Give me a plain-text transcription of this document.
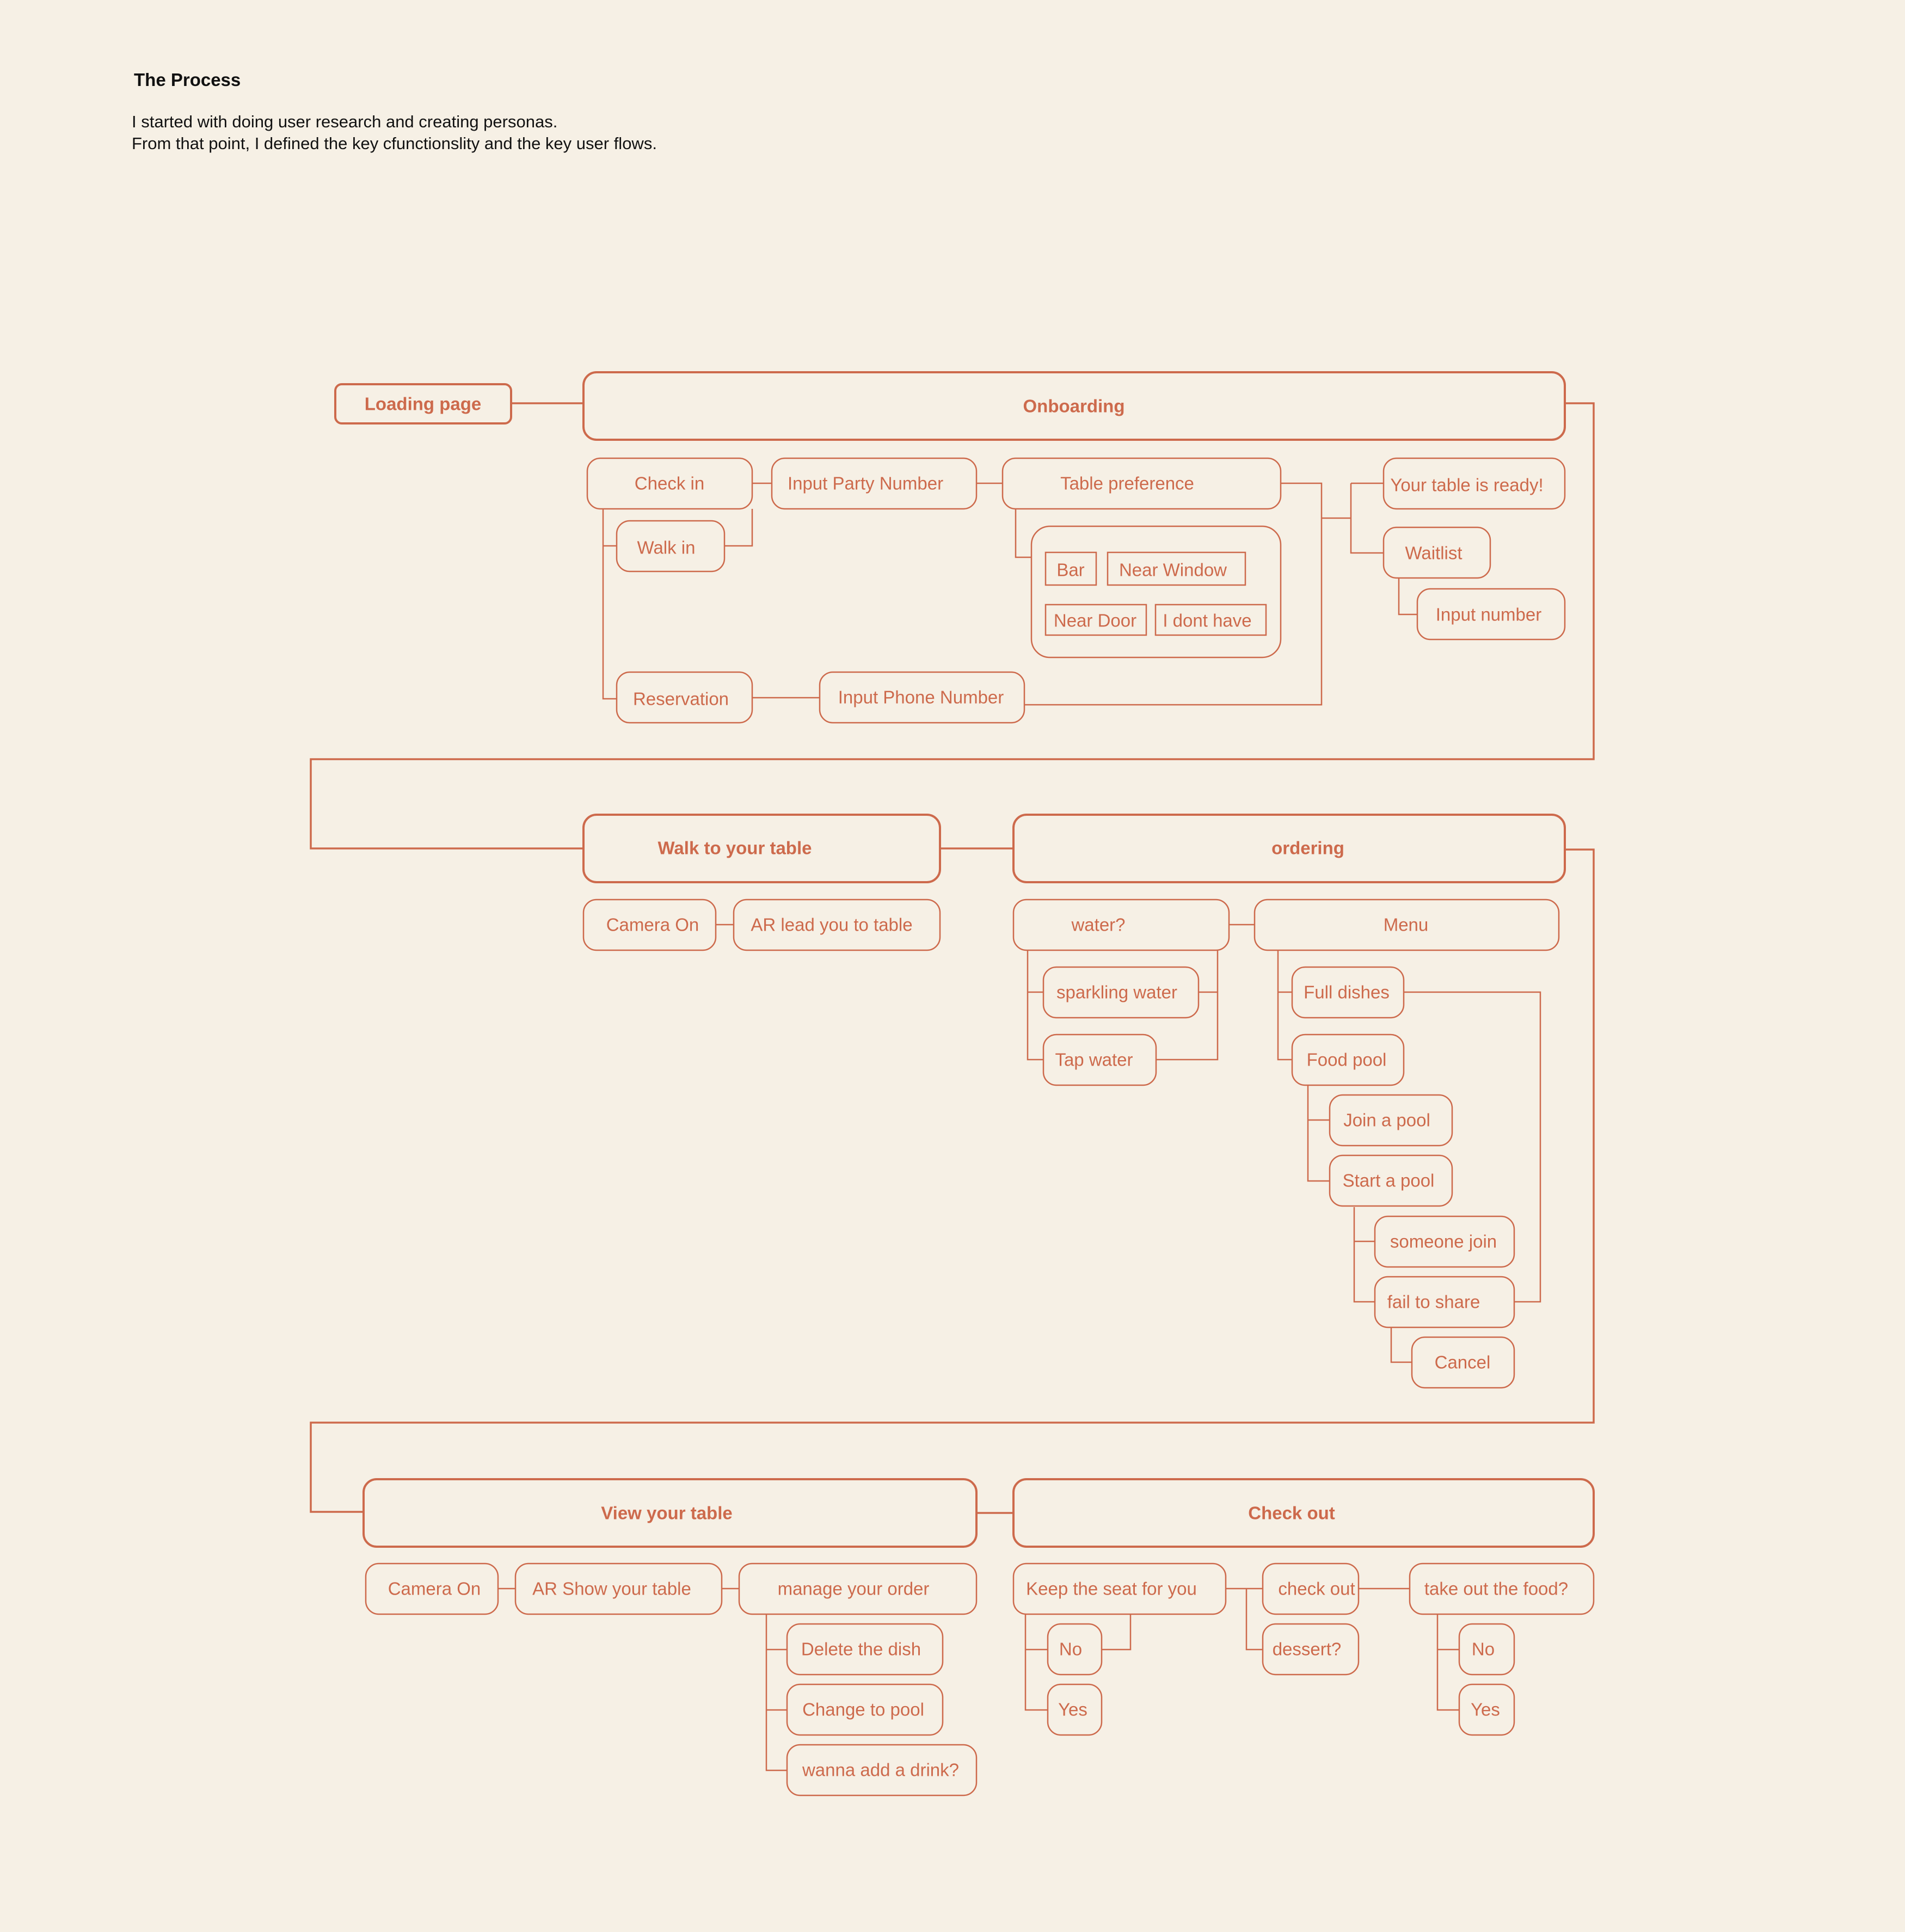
The Process
I started with doing user research and creating personas.
From that point, I defined the key cfunctionslity and the key user flows.
Loading page	Onboarding
Check in
Walk in
Input Party Number	Table preference
Bar Near Window
Near Door I dont have
Reservation	Input Phone Number
Your table is ready!
Waitlist
Input number
Walk to your table
Camera On	AR lead you to table
ordering
water?
sparkling water
Tap water
Menu
Full dishes
Food pool
Join a pool
Start a pool
someone join
fail to share
Cancel
View your table
Camera On	AR Show your table	manage your order
Delete the dish
Change to pool
wanna add a drink?
Check out
Keep the seat for you
No
Yes
check out
dessert?
take out the food?
No
Yes
